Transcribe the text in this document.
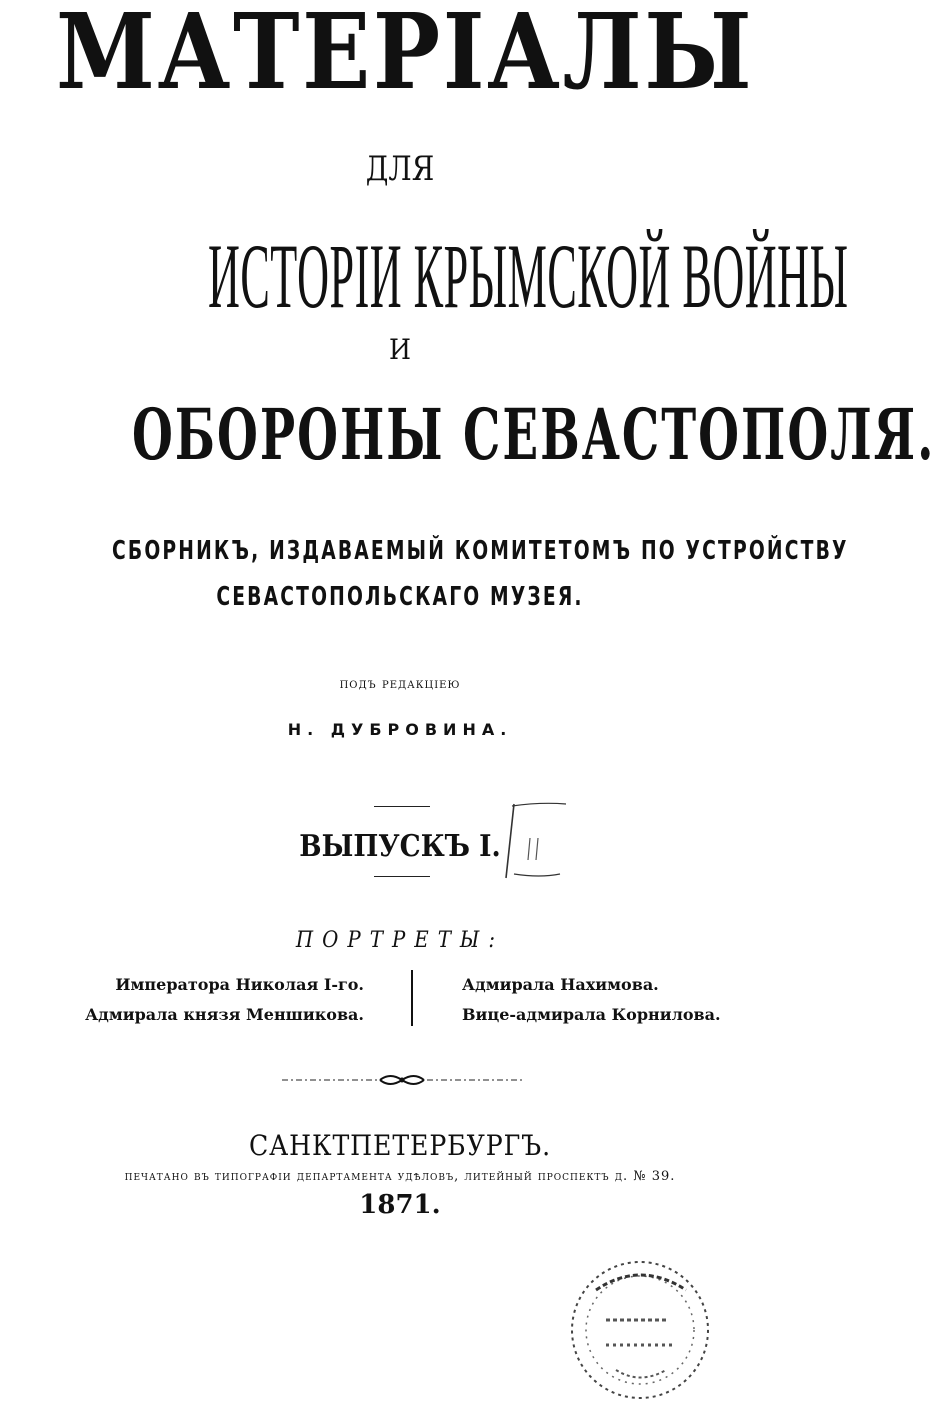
МАТЕРІАЛЫ
ДЛЯ
ИСТОРІИ КРЫМСКОЙ ВОЙНЫ
И
ОБОРОНЫ СЕВАСТОПОЛЯ.
СБОРНИКЪ, ИЗДАВАЕМЫЙ КОМИТЕТОМЪ ПО УСТРОЙСТВУ
СЕВАСТОПОЛЬСКАГО МУЗЕЯ.
подъ редакціею
Н. ДУБРОВИНА.
ВЫПУСКЪ I.
ПОРТРЕТЫ:
Императора Николая I-го.
Адмирала князя Меншикова.
Адмирала Нахимова.
Вице-адмирала Корнилова.
САНКТПЕТЕРБУРГЪ.
печатано въ типографіи департамента удѣловъ, литейный проспектъ д. № 39.
1871.
